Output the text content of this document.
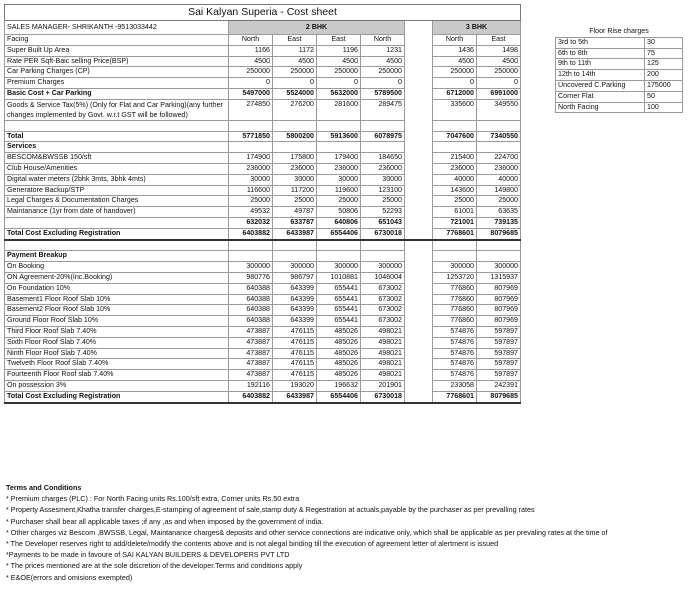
Sai Kalyan Superia - Cost sheet							
SALES MANAGER- SHRIKANTH -9513033442	2 BHK					3 BHK	
Facing	North	East	East	North		North	East
Super Built Up Area	1166	1172	1196	1231		1436	1498
Rate PER Sqft-Baic selling Price(BSP)	4500	4500	4500	4500		4500	4500
Car Parking Charges (CP)	250000	250000	250000	250000		250000	250000
Premium Charges	0	0	0	0		0	0
Basic Cost + Car Parking	5497000	5524000	5632000	5789500		6712000	6991000
Goods & Service Tax(5%) (Only for Flat and Car Parking)(any further changes implemented by Govt. w.r.t GST will be followed)	274850	276200	281600	289475		335600	349550

Total	5771850	5800200	5913600	6078975		7047600	7340550
Services							
BESCOM&BWSSB 150/sft	174900	175800	179400	184650		215400	224700
Club House/Amenities	236000	236000	236000	236000		236000	236000
Digital water meters (2bhk 3mts, 3bhk 4mts)	30000	30000	30000	30000		40000	40000
Generatore Backup/STP	116600	117200	119600	123100		143600	149800
Legal Charges & Documentation Charges	25000	25000	25000	25000		25000	25000
Maintanance (1yr from date of handover)	49532	49787	50806	52293		61001	63635
	632032	633787	640806	651043		721001	739135
Total Cost Excluding Registration	6403882	6433987	6554406	6730018		7768601	8079685

Payment Breakup							
On Booking	300000	300000	300000	300000		300000	300000
ON Agreement-20%(Inc.Booking)	980776	986797	1010881	1046004		1253720	1315937
On Foundation 10%	640388	643399	655441	673002		776860	807969
Basement1 Floor Roof Slab 10%	640388	643399	655441	673002		776860	807969
Basement2 Floor Roof Slab 10%	640388	643399	655441	673002		776860	807969
Ground Floor Roof Slab 10%	640388	643399	655441	673002		776860	807969
Third Floor Roof Slab 7.40%	473887	476115	485026	498021		574876	597897
Sixth Floor Roof Slab 7.40%	473887	476115	485026	498021		574876	597897
Ninth Floor Roof Slab 7.40%	473887	476115	485026	498021		574876	597897
Twelveth Floor Roof Slab 7.40%	473887	476115	485026	498021		574876	597897
Fourteenth Floor Roof slab 7.40%	473887	476115	485026	498021		574876	597897
On possession 3%	192116	193020	196632	201901		233058	242391
Total Cost Excluding Registration	6403882	6433987	6554406	6730018		7768601	8079685
Floor Rise charges	
3rd to 5th	30
6th to 8th	75
9th to 11th	125
12th to 14th	200
Uncovered C.Parking	175000
Corner Flat	50
North Facing	100
Terms and Conditions
* Premium charges (PLC) : For North Facing units Rs.100/sft extra, Corner units Rs.50 extra
* Property Assesment,Khatha transfer charges,E-stamping of agreement of sale,stamp duty & Regestration at actuals,payable by the purchaser as per prevalling rates
* Purchaser shall bear all applicable taxes ;if any ,as and when imposed by the government of india.
* Other charges viz Bescom ,BWSSB, Legal, Maintanance charges& deposits and other service connections are indicative only, which shall be applicable as per prevaling rates at the time of
* The Developer reserves right to add/delete/modify the contents above and is not alegal binding till the execution of agreement letter of alertment is issued
*Payments to be made in favoure of SAI KALYAN BUILDERS & DEVELOPERS PVT LTD
* The prices mentioned are at the sole discretion of the developer.Terms and conditions apply
* E&OE(errors and omisions exempted)
